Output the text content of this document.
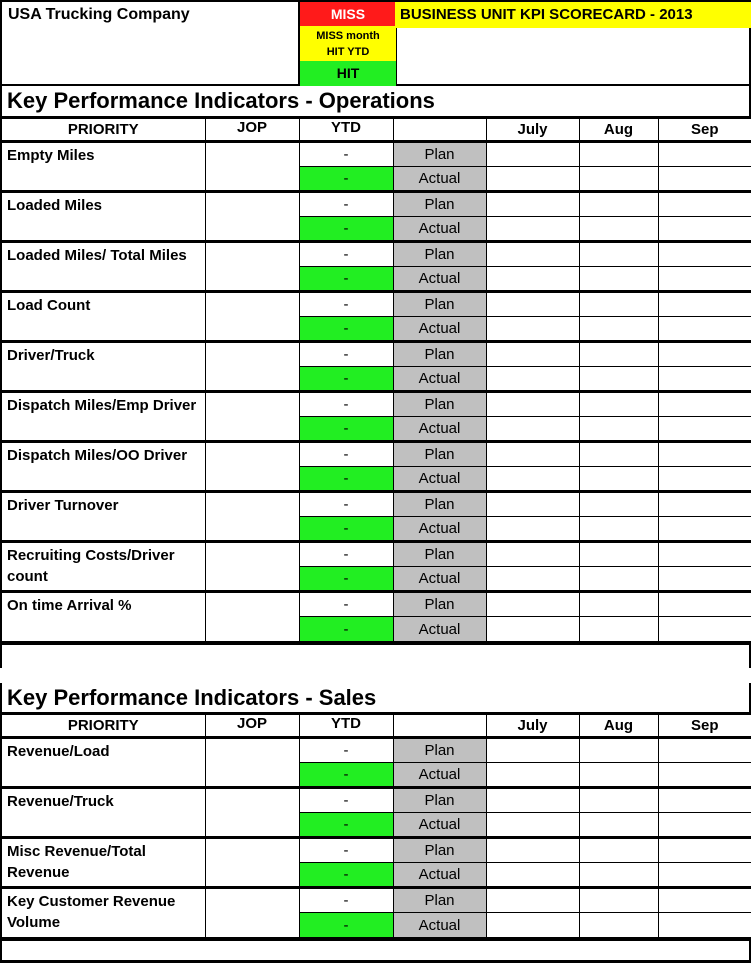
USA Trucking Company	MISS
MISS month
HIT YTD
HIT
BUSINESS UNIT KPI SCORECARD - 2013
Key Performance Indicators - Operations
PRIORITY	JOP	YTD		July	Aug	Sep
Empty Miles		-	Plan			
		-	Actual			
Loaded Miles		-	Plan			
		-	Actual			
Loaded Miles/ Total Miles		-	Plan			
		-	Actual			
Load Count		-	Plan			
		-	Actual			
Driver/Truck		-	Plan			
		-	Actual			
Dispatch Miles/Emp Driver		-	Plan			
		-	Actual			
Dispatch Miles/OO Driver		-	Plan			
		-	Actual			
Driver Turnover		-	Plan			
		-	Actual			
Recruiting Costs/Driver count		-	Plan			
		-	Actual			
On time Arrival %		-	Plan			
		-	Actual			
Key Performance Indicators - Sales
PRIORITY	JOP	YTD		July	Aug	Sep
Revenue/Load		-	Plan			
		-	Actual			
Revenue/Truck		-	Plan			
		-	Actual			
Misc Revenue/Total Revenue		-	Plan			
		-	Actual			
Key Customer Revenue Volume		-	Plan			
		-	Actual			
